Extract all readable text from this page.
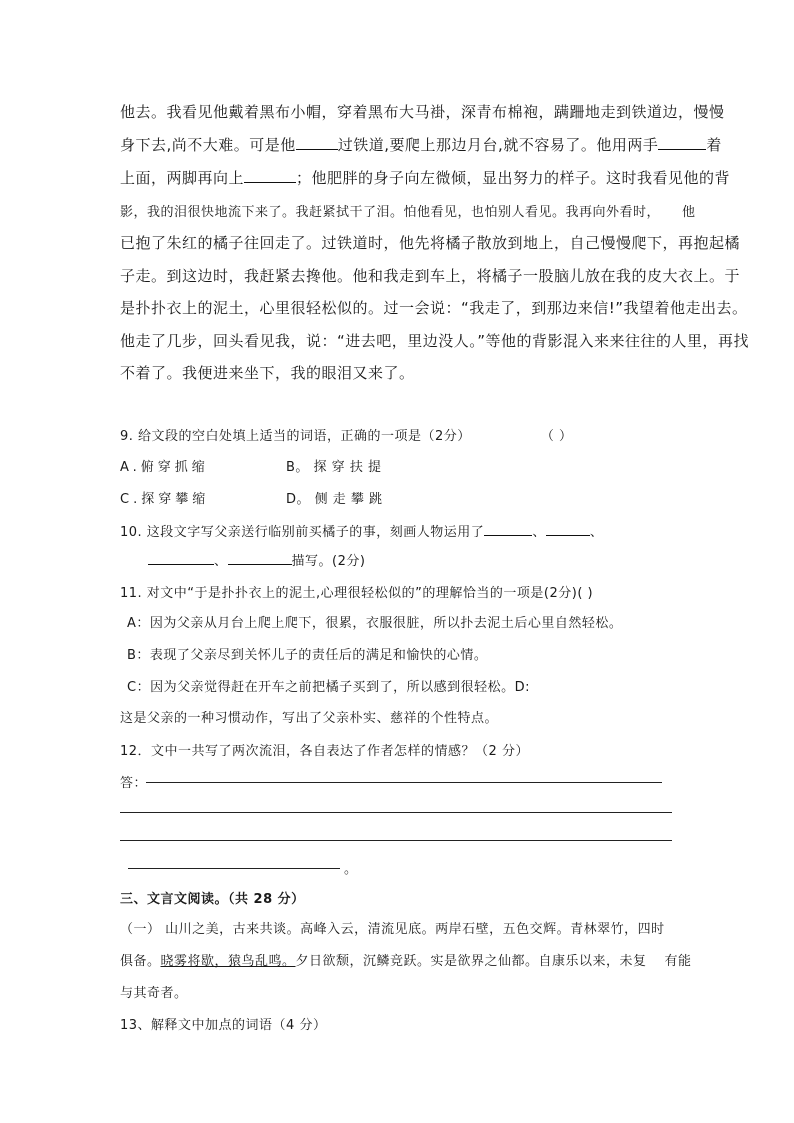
他去。我看见他戴着黑布小帽，穿着黑布大马褂，深青布棉袍，蹒跚地走到铁道边，慢慢
身下去,尚不大难。可是他	过铁道,要爬上那边月台,就不容易了。他用两手	着
上面，两脚再向上	；他肥胖的身子向左微倾，显出努力的样子。这时我看见他的背
影，我的泪很快地流下来了。我赶紧拭干了泪。怕他看见，也怕别人看见。我再向外看时， 他
已抱了朱红的橘子往回走了。过铁道时，他先将橘子散放到地上，自己慢慢爬下，再抱起橘
子走。到这边时，我赶紧去搀他。他和我走到车上，将橘子一股脑儿放在我的皮大衣上。于
是扑扑衣上的泥土，心里很轻松似的。过一会说：“我走了，到那边来信!”我望着他走出去。
他走了几步，回头看见我，说：“进去吧，里边没人。”等他的背影混入来来往往的人里，再找
不着了。我便进来坐下，我的眼泪又来了。
9. 给文段的空白处填上适当的词语，正确的一项是（2分）	（ ）
A.俯穿抓缩	B。 探 穿 扶 提
C.探穿攀缩	D。 侧 走 攀 跳
10. 这段文字写父亲送行临别前买橘子的事，刻画人物运用了	、	、
、	描写。(2分)
11. 对文中“于是扑扑衣上的泥土,心理很轻松似的”的理解恰当的一项是(2分)( )
A：因为父亲从月台上爬上爬下，很累，衣服很脏，所以扑去泥土后心里自然轻松。
B：表现了父亲尽到关怀儿子的责任后的满足和愉快的心情。
C：因为父亲觉得赶在开车之前把橘子买到了，所以感到很轻松。D:
这是父亲的一种习惯动作，写出了父亲朴实、慈祥的个性特点。
12．文中一共写了两次流泪，各自表达了作者怎样的情感？（2 分）
答：
。
三、文言文阅读。（共 28 分）
（一） 山川之美，古来共谈。高峰入云，清流见底。两岸石壁，五色交辉。青林翠竹，四时
俱备。晓雾将歇，猿鸟乱鸣。夕日欲颓，沉鳞竞跃。实是欲界之仙都。自康乐以来，未复 有能
与其奇者。
13、解释文中加点的词语（4 分）
